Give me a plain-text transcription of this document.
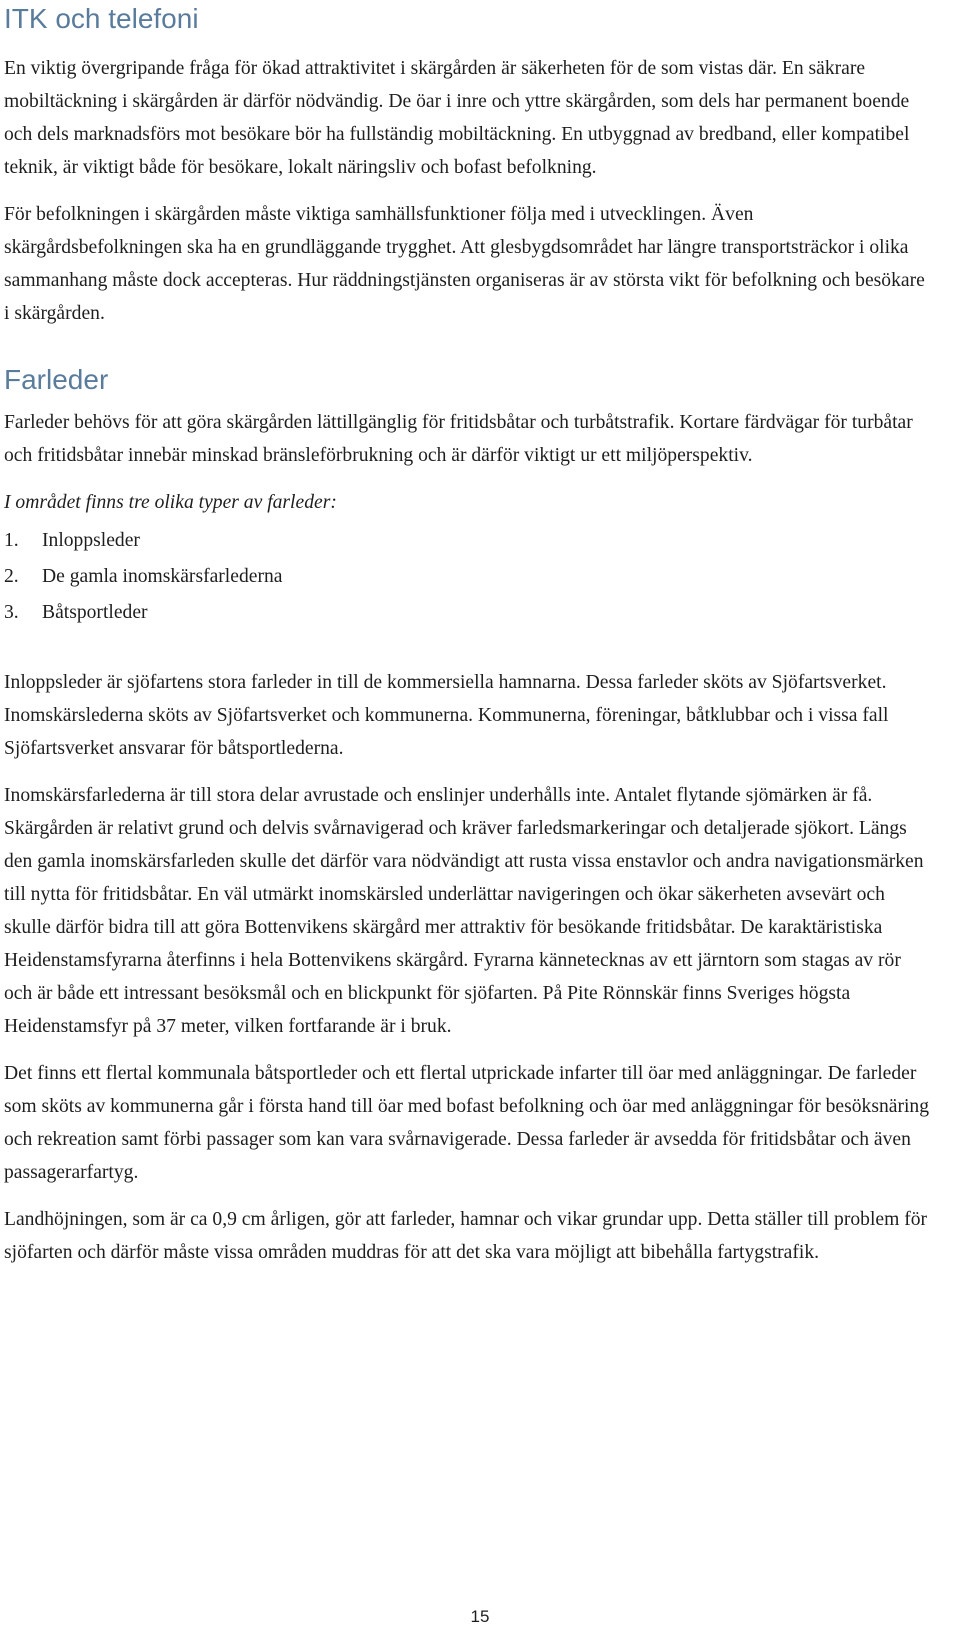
ITK och telefoni

En viktig övergripande fråga för ökad attraktivitet i skärgården är säkerheten för de som vistas där. En säkrare mobiltäckning i skärgården är därför nödvändig. De öar i inre och yttre skärgården, som dels har permanent boende och dels marknadsförs mot besökare bör ha fullständig mobiltäckning. En utbyggnad av bredband, eller kompatibel teknik, är viktigt både för besökare, lokalt näringsliv och bofast befolkning.

För befolkningen i skärgården måste viktiga samhällsfunktioner följa med i utvecklingen. Även skärgårdsbefolkningen ska ha en grundläggande trygghet. Att glesbygdsområdet har längre transportsträckor i olika sammanhang måste dock accepteras. Hur räddningstjänsten organiseras är av största vikt för befolkning och besökare i skärgården.

Farleder

Farleder behövs för att göra skärgården lättillgänglig för fritidsbåtar och turbåtstrafik. Kortare färdvägar för turbåtar och fritidsbåtar innebär minskad bränsleförbrukning och är därför viktigt ur ett miljöperspektiv.

I området finns tre olika typer av farleder:

1.	Inloppsleder
2.	De gamla inomskärsfarlederna
3.	Båtsportleder

Inloppsleder är sjöfartens stora farleder in till de kommersiella hamnarna. Dessa farleder sköts av Sjöfartsverket. Inomskärslederna sköts av Sjöfartsverket och kommunerna. Kommunerna, föreningar, båtklubbar och i vissa fall Sjöfartsverket ansvarar för båtsportlederna.

Inomskärsfarlederna är till stora delar avrustade och enslinjer underhålls inte. Antalet flytande sjömärken är få. Skärgården är relativt grund och delvis svårnavigerad och kräver farledsmarkeringar och detaljerade sjökort. Längs den gamla inomskärsfarleden skulle det därför vara nödvändigt att rusta vissa enstavlor och andra navigationsmärken till nytta för fritidsbåtar. En väl utmärkt inomskärsled underlättar navigeringen och ökar säkerheten avsevärt och skulle därför bidra till att göra Bottenvikens skärgård mer attraktiv för besökande fritidsbåtar. De karaktäristiska Heidenstamsfyrarna återfinns i hela Bottenvikens skärgård. Fyrarna kännetecknas av ett järntorn som stagas av rör och är både ett intressant besöksmål och en blickpunkt för sjöfarten. På Pite Rönnskär finns Sveriges högsta Heidenstamsfyr på 37 meter, vilken fortfarande är i bruk.

Det finns ett flertal kommunala båtsportleder och ett flertal utprickade infarter till öar med anläggningar. De farleder som sköts av kommunerna går i första hand till öar med bofast befolkning och öar med anläggningar för besöksnäring och rekreation samt förbi passager som kan vara svårnavigerade. Dessa farleder är avsedda för fritidsbåtar och även passagerarfartyg.

Landhöjningen, som är ca 0,9 cm årligen, gör att farleder, hamnar och vikar grundar upp. Detta ställer till problem för sjöfarten och därför måste vissa områden muddras för att det ska vara möjligt att bibehålla fartygstrafik.

15
